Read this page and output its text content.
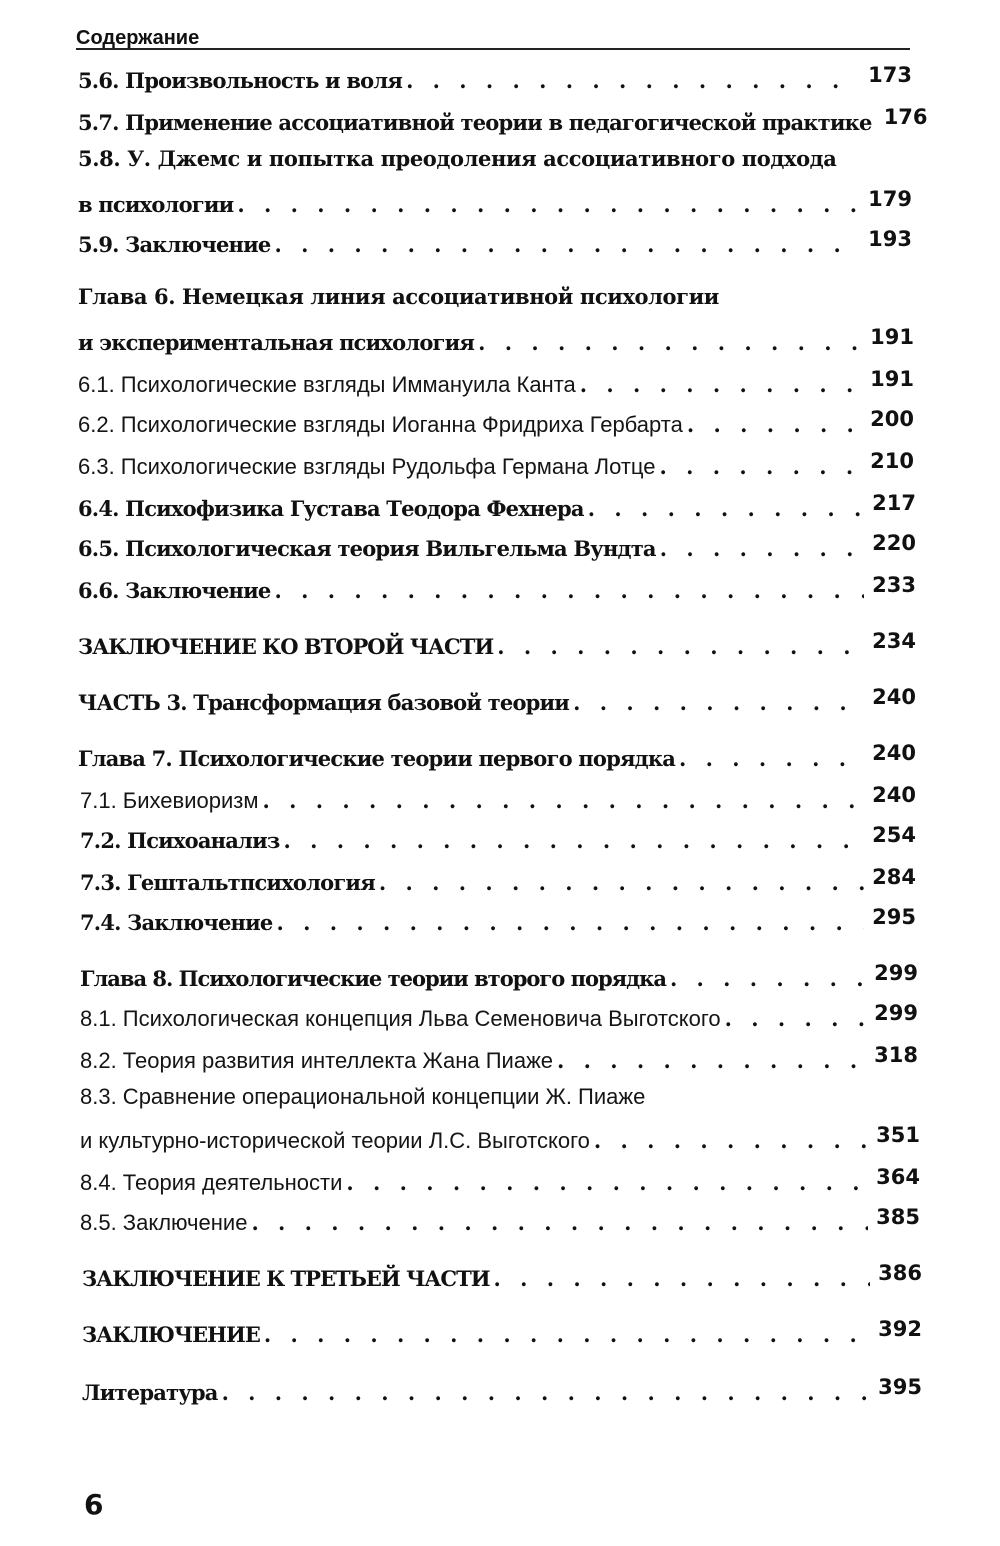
Содержание
5.6. Произвольность и воля . . .	173
5.7. Применение ассоциативной теории в педагогической практике 176
5.8. У. Джемс и попытка преодоления ассоциативного подхода
в психологии . . .	179
5.9. Заключение . . .	193
Глава 6. Немецкая линия ассоциативной психологии
и экспериментальная психология . . .	191
6.1. Психологические взгляды Иммануила Канта . . .	191
6.2. Психологические взгляды Иоганна Фридриха Гербарта . . .	200
6.3. Психологические взгляды Рудольфа Германа Лотце . . .	210
6.4. Психофизика Густава Теодора Фехнера . . .	217
6.5. Психологическая теория Вильгельма Вундта . . .	220
6.6. Заключение . . .	233
ЗАКЛЮЧЕНИЕ КО ВТОРОЙ ЧАСТИ . . .	234
ЧАСТЬ 3. Трансформация базовой теории . . .	240
Глава 7. Психологические теории первого порядка . . .	240
7.1. Бихевиоризм . . .	240
7.2. Психоанализ . . .	254
7.3. Гештальтпсихология . . .	284
7.4. Заключение . . .	295
Глава 8. Психологические теории второго порядка . . .	299
8.1. Психологическая концепция Льва Семеновича Выготского . . .	299
8.2. Теория развития интеллекта Жана Пиаже . . .	318
8.3. Сравнение операциональной концепции Ж. Пиаже
и культурно-исторической теории Л.С. Выготского . . .	351
8.4. Теория деятельности . . .	364
8.5. Заключение . . .	385
ЗАКЛЮЧЕНИЕ К ТРЕТЬЕЙ ЧАСТИ . . .	386
ЗАКЛЮЧЕНИЕ . . .	392
Литература . . .	395
6
